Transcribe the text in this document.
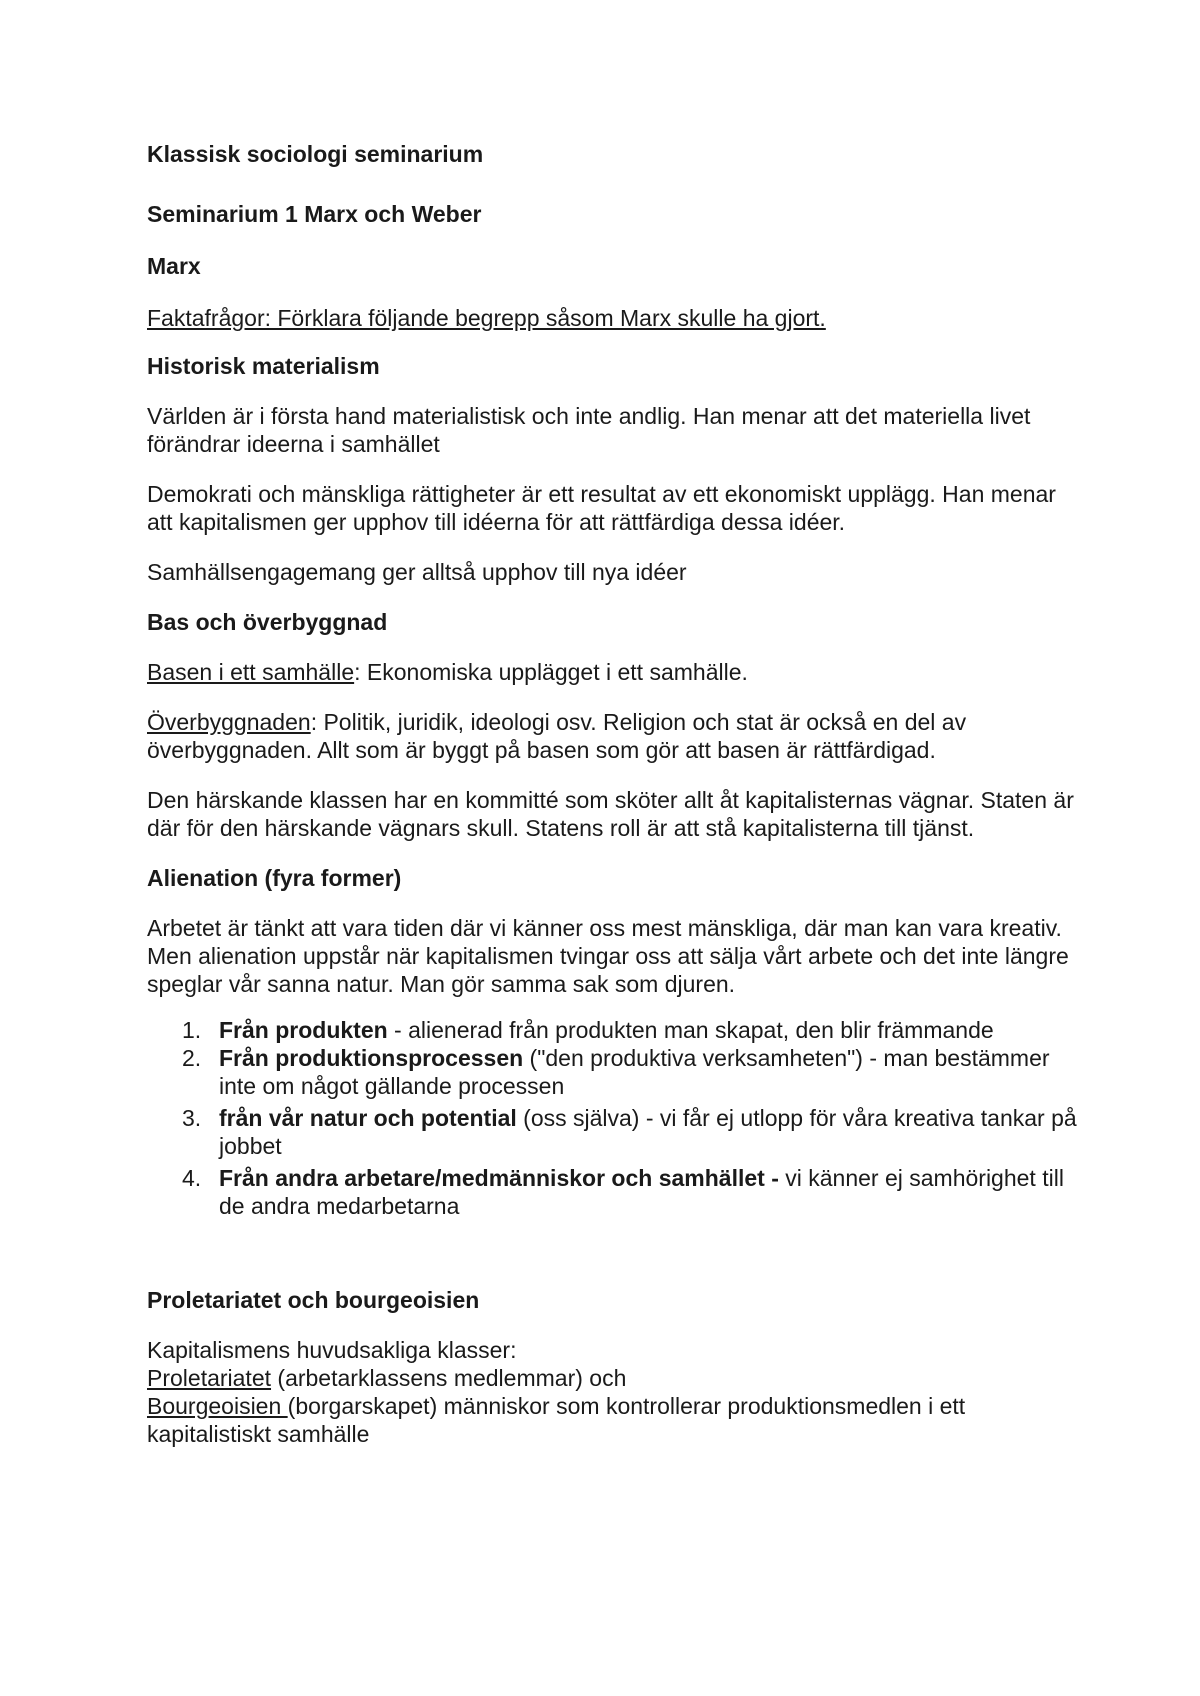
Klassisk sociologi seminarium

Seminarium 1 Marx och Weber

Marx

Faktafrågor: Förklara följande begrepp såsom Marx skulle ha gjort.

Historisk materialism

Världen är i första hand materialistisk och inte andlig. Han menar att det materiella livet förändrar ideerna i samhället

Demokrati och mänskliga rättigheter är ett resultat av ett ekonomiskt upplägg. Han menar att kapitalismen ger upphov till idéerna för att rättfärdiga dessa idéer.

Samhällsengagemang ger alltså upphov till nya idéer

Bas och överbyggnad

Basen i ett samhälle: Ekonomiska upplägget i ett samhälle.

Överbyggnaden: Politik, juridik, ideologi osv. Religion och stat är också en del av överbyggnaden. Allt som är byggt på basen som gör att basen är rättfärdigad.

Den härskande klassen har en kommitté som sköter allt åt kapitalisternas vägnar. Staten är där för den härskande vägnars skull. Statens roll är att stå kapitalisterna till tjänst.

Alienation (fyra former)

Arbetet är tänkt att vara tiden där vi känner oss mest mänskliga, där man kan vara kreativ. Men alienation uppstår när kapitalismen tvingar oss att sälja vårt arbete och det inte längre speglar vår sanna natur. Man gör samma sak som djuren.

1. Från produkten - alienerad från produkten man skapat, den blir främmande
2. Från produktionsprocessen ("den produktiva verksamheten") - man bestämmer inte om något gällande processen
3. från vår natur och potential (oss själva) - vi får ej utlopp för våra kreativa tankar på jobbet
4. Från andra arbetare/medmänniskor och samhället - vi känner ej samhörighet till de andra medarbetarna

Proletariatet och bourgeoisien

Kapitalismens huvudsakliga klasser:

Proletariatet (arbetarklassens medlemmar) och

Bourgeoisien (borgarskapet) människor som kontrollerar produktionsmedlen i ett kapitalistiskt samhälle
